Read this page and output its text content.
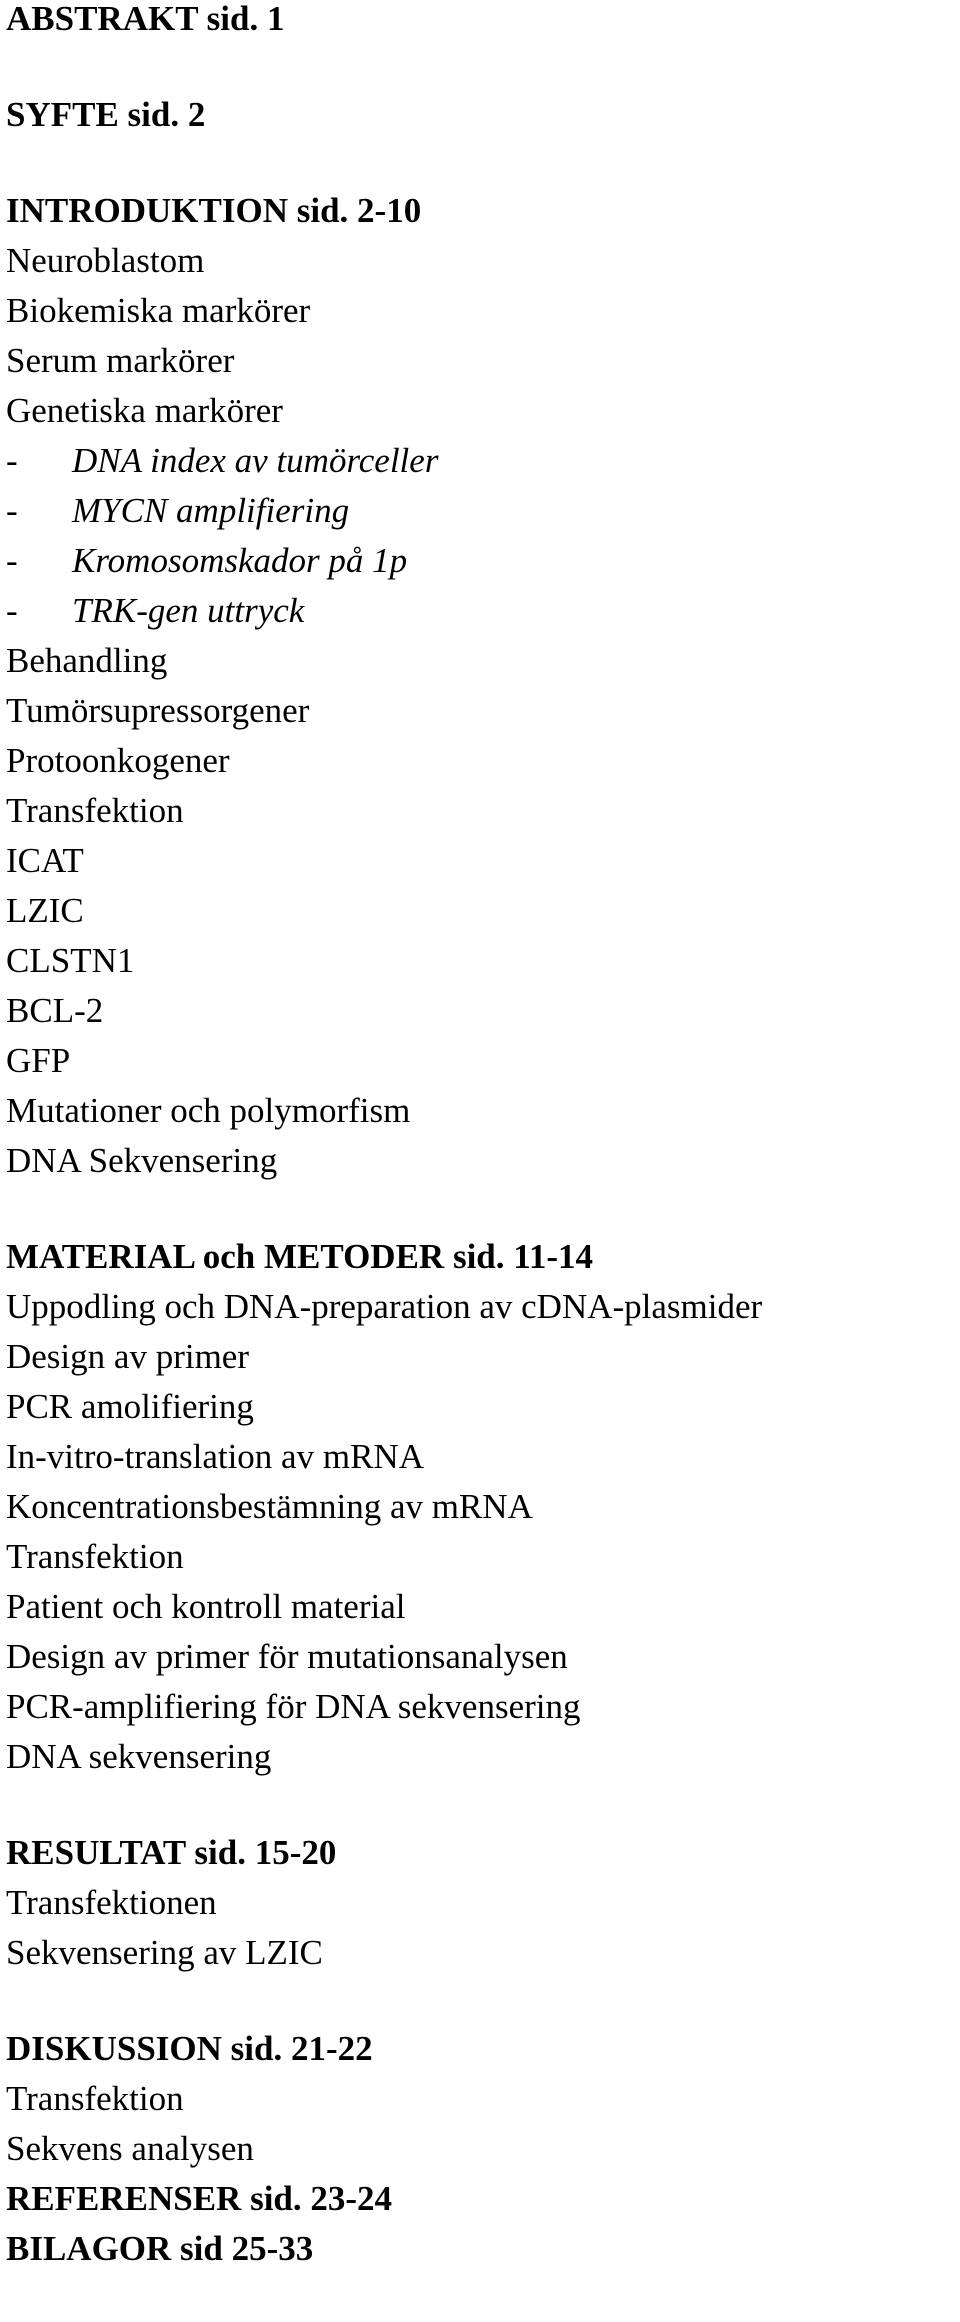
ABSTRAKT sid. 1
SYFTE sid. 2
INTRODUKTION sid. 2-10
Neuroblastom
Biokemiska markörer
Serum markörer
Genetiska markörer
- DNA index av tumörceller
- MYCN amplifiering
- Kromosomskador på 1p
- TRK-gen uttryck
Behandling
Tumörsupressorgener
Protoonkogener
Transfektion
ICAT
LZIC
CLSTN1
BCL-2
GFP
Mutationer och polymorfism
DNA Sekvensering
MATERIAL och METODER sid. 11-14
Uppodling och DNA-preparation av cDNA-plasmider
Design av primer
PCR amolifiering
In-vitro-translation av mRNA
Koncentrationsbestämning av mRNA
Transfektion
Patient och kontroll material
Design av primer för mutationsanalysen
PCR-amplifiering för DNA sekvensering
DNA sekvensering
RESULTAT sid. 15-20
Transfektionen
Sekvensering av LZIC
DISKUSSION sid. 21-22
Transfektion
Sekvens analysen
REFERENSER sid. 23-24
BILAGOR sid 25-33
